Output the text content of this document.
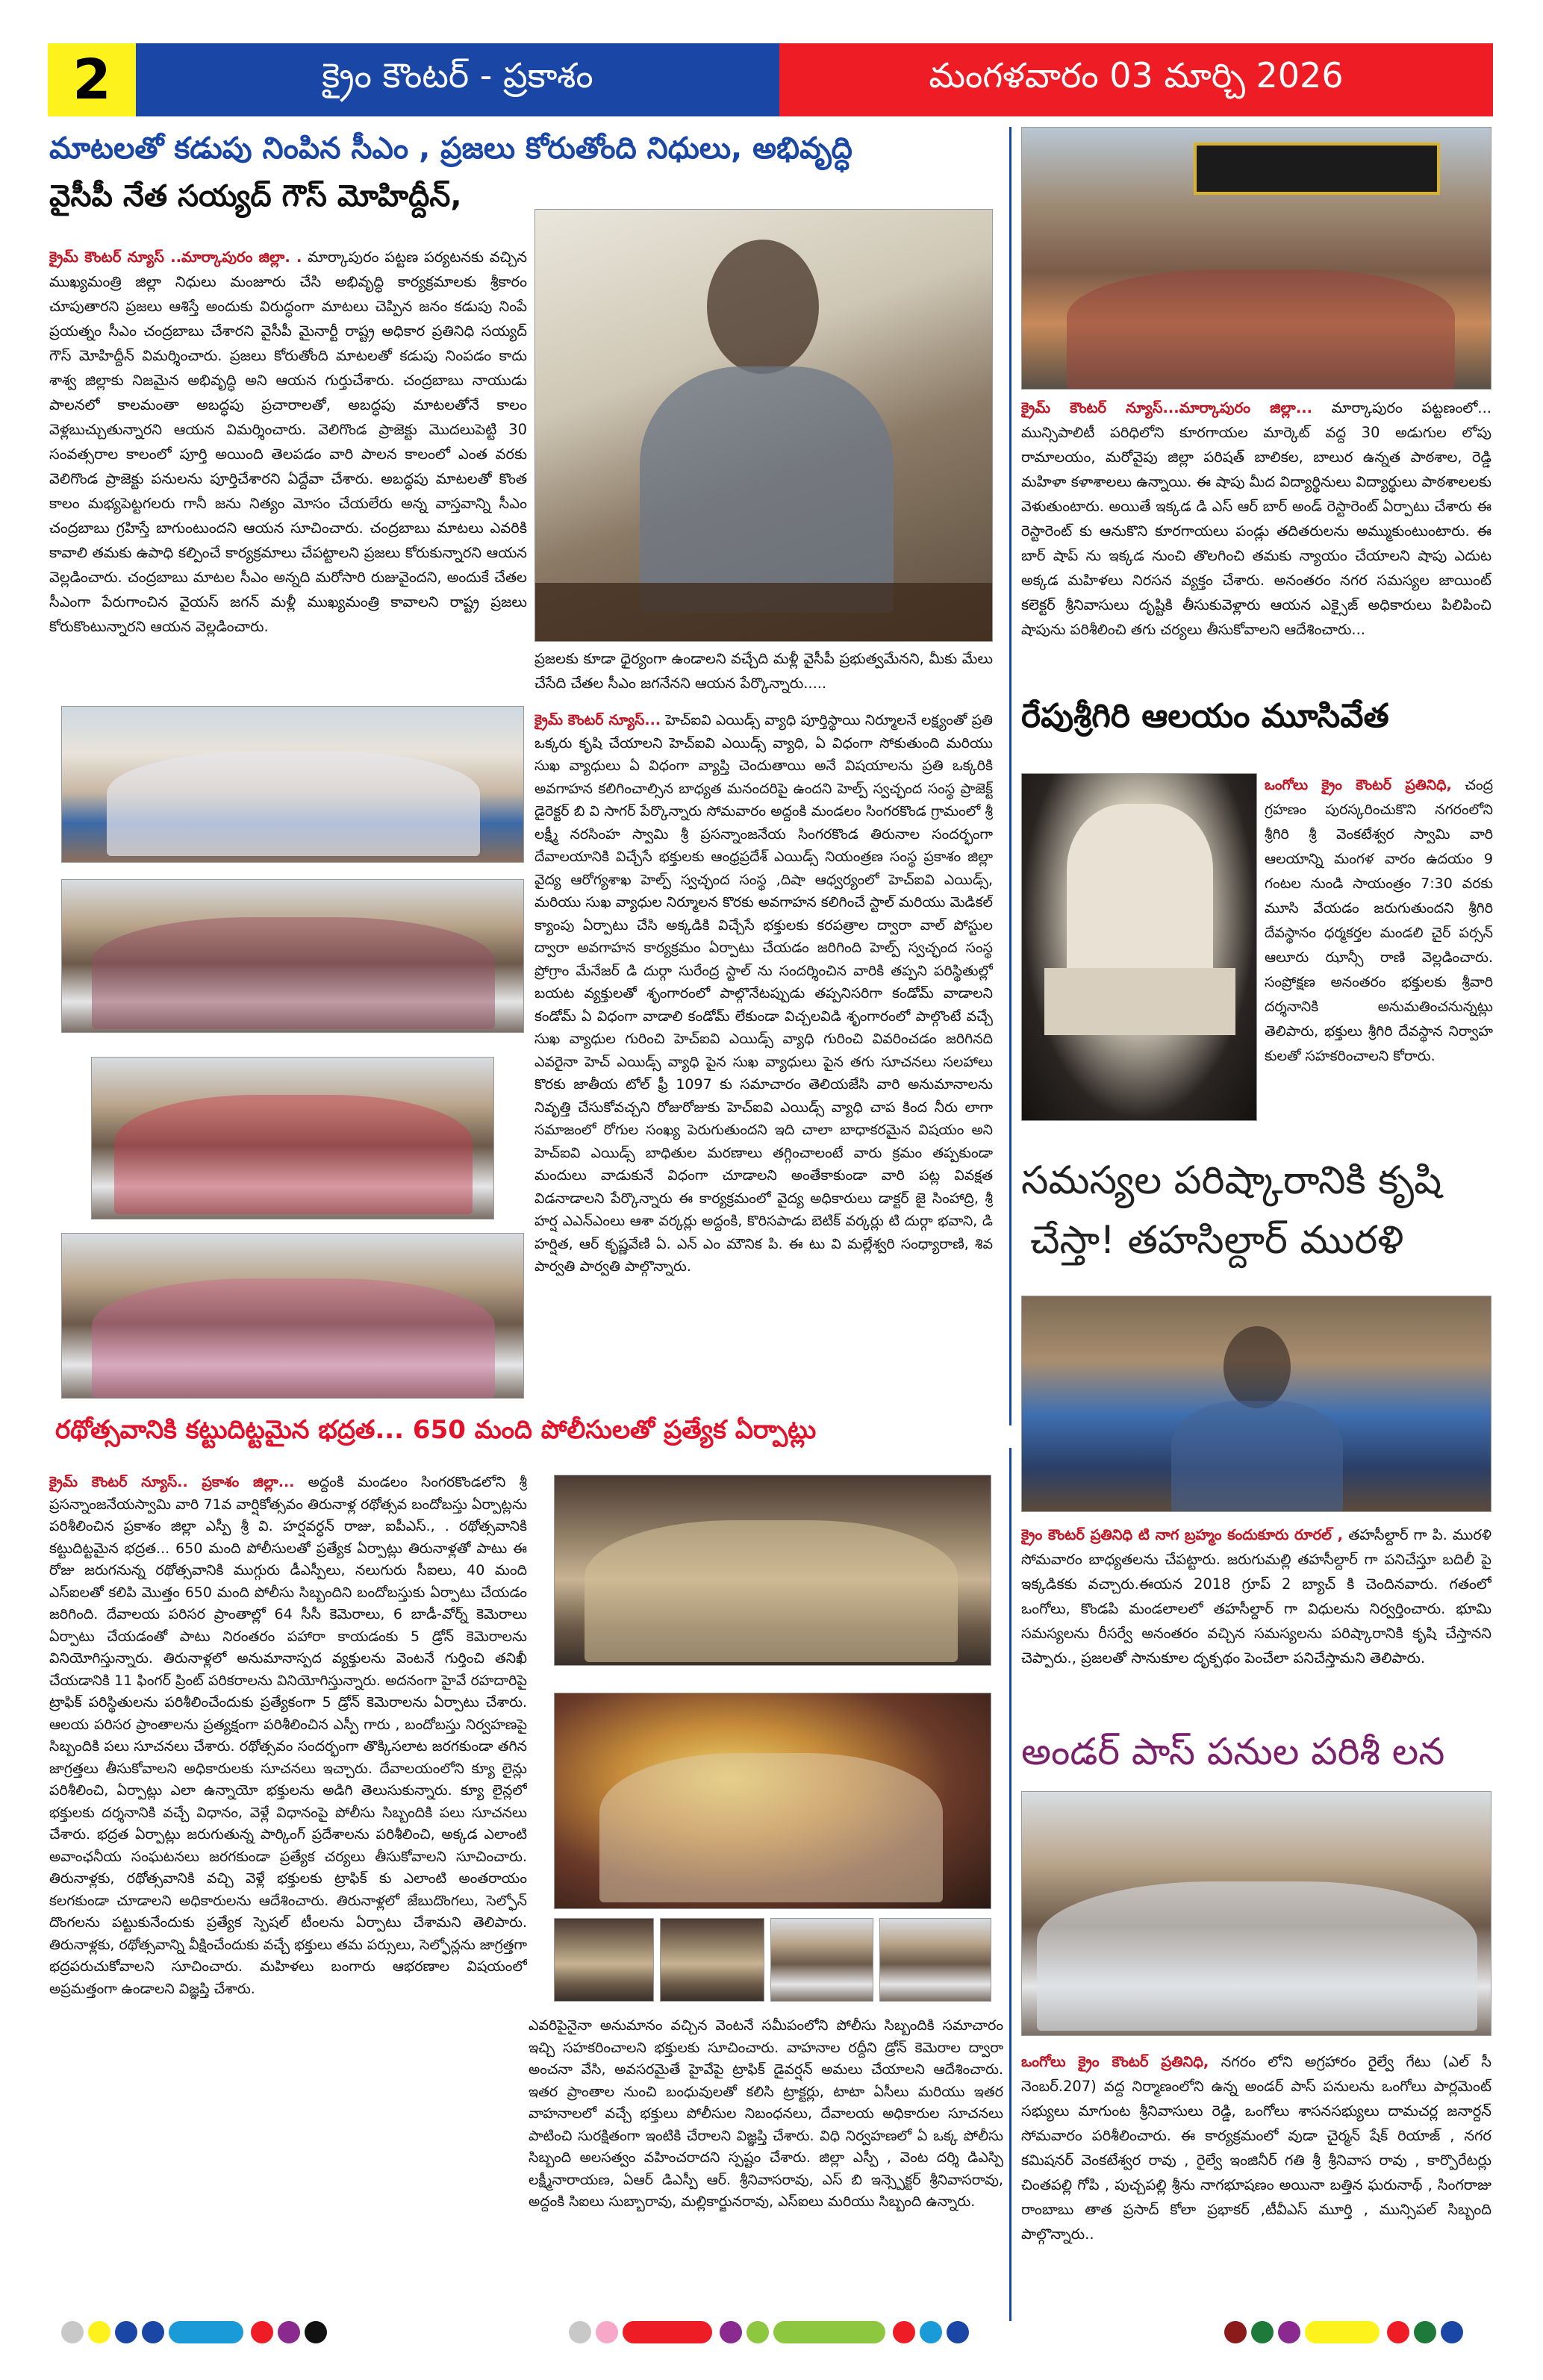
2	క్రైం కౌంటర్ - ప్రకాశం	మంగళవారం 03 మార్చి 2026
మాటలతో కడుపు నింపిన సీఎం , ప్రజలు కోరుతోంది నిధులు, అభివృద్ధి
వైసీపీ నేత సయ్యద్ గౌస్ మోహిద్దీన్,
క్రైమ్ కౌంటర్ న్యూస్ ..మార్కాపురం జిల్లా. . మార్కాపురం పట్టణ పర్యటనకు వచ్చిన ముఖ్యమంత్రి జిల్లా నిధులు మంజూరు చేసి అభివృద్ధి కార్యక్రమాలకు శ్రీకారం చూపుతారని ప్రజలు ఆశిస్తే అందుకు విరుద్ధంగా మాటలు చెప్పిన జనం కడుపు నింపే ప్రయత్నం సీఎం చంద్రబాబు చేశారని వైసీపీ మైనార్టీ రాష్ట్ర అధికార ప్రతినిధి సయ్యద్ గౌస్ మోహిద్దీన్ విమర్శించారు. ప్రజలు కోరుతోంది మాటలతో కడుపు నింపడం కాదు శాశ్వ జిల్లాకు నిజమైన అభివృద్ధి అని ఆయన గుర్తుచేశారు. చంద్రబాబు నాయుడు పాలనలో కాలమంతా అబద్ధపు ప్రచారాలతో, అబద్ధపు మాటలతోనే కాలం వెళ్లబుచ్చుతున్నారని ఆయన విమర్శించారు. వెలిగొండ ప్రాజెక్టు మొదలుపెట్టి 30 సంవత్సరాల కాలంలో పూర్తి అయింది తెలపడం వారి పాలన కాలంలో ఎంత వరకు వెలిగొండ ప్రాజెక్టు పనులను పూర్తిచేశారని ఏద్దేవా చేశారు. అబద్ధపు మాటలతో కొంత కాలం మభ్యపెట్టగలరు గానీ జను నిత్యం మోసం చేయలేరు అన్న వాస్తవాన్ని సీఎం చంద్రబాబు గ్రహిస్తే బాగుంటుందని ఆయన సూచించారు. చంద్రబాబు మాటలు ఎవరికి కావాలి తమకు ఉపాధి కల్పించే కార్యక్రమాలు చేపట్టాలని ప్రజలు కోరుకున్నారని ఆయన వెల్లడించారు. చంద్రబాబు మాటల సీఎం అన్నది మరోసారి రుజువైందని, అందుకే చేతల సీఎంగా పేరుగాంచిన వైయస్ జగన్ మళ్లీ ముఖ్యమంత్రి కావాలని రాష్ట్ర ప్రజలు కోరుకొంటున్నారని ఆయన వెల్లడించారు.
ప్రజలకు కూడా ధైర్యంగా ఉండాలని వచ్చేది మళ్లీ వైసీపీ ప్రభుత్వమేనని, మీకు మేలు చేసేది చేతల సీఎం జగనేనని ఆయన పేర్కొన్నారు.....
క్రైమ్ కౌంటర్ న్యూస్...మార్కాపురం జిల్లా... మార్కాపురం పట్టణంలో... మున్సిపాలిటీ పరిధిలోని కూరగాయల మార్కెట్ వద్ద 30 అడుగుల లోపు రామాలయం, మరోవైపు జిల్లా పరిషత్ బాలికల, బాలుర ఉన్నత పాఠశాల, రెడ్డి మహిళా కళాశాలలు ఉన్నాయి. ఈ షాపు మీద విద్యార్థినులు విద్యార్థులు పాఠశాలలకు వెళుతుంటారు. అయితే ఇక్కడ డి ఎస్ ఆర్ బార్ అండ్ రెస్టారెంట్ ఏర్పాటు చేశారు ఈ రెస్టారెంట్ కు ఆనుకొని కూరగాయలు పండ్లు తదితరులను అమ్ముకుంటుంటారు. ఈ బార్ షాప్ ను ఇక్కడ నుంచి తొలగించి తమకు న్యాయం చేయాలని షాపు ఎదుట అక్కడ మహిళలు నిరసన వ్యక్తం చేశారు. అనంతరం నగర సమస్యల జాయింట్ కలెక్టర్ శ్రీనివాసులు దృష్టికి తీసుకువెళ్లారు ఆయన ఎక్సైజ్ అధికారులు పిలిపించి షాపును పరిశీలించి తగు చర్యలు తీసుకోవాలని ఆదేశించారు...
రేపుశ్రీగిరి ఆలయం మూసివేత
ఒంగోలు క్రైం కౌంటర్ ప్రతినిధి, చంద్ర గ్రహణం పురస్కరించుకొని నగరంలోని శ్రీగిరి శ్రీ వెంకటేశ్వర స్వామి వారి ఆలయాన్ని మంగళ వారం ఉదయం 9 గంటల నుండి సాయంత్రం 7:30 వరకు మూసి వేయడం జరుగుతుందని శ్రీగిరి దేవస్థానం ధర్మకర్తల మండలి చైర్ పర్సన్ ఆలూరు ఝాన్సీ రాణి వెల్లడించారు. సంప్రోక్షణ అనంతరం భక్తులకు శ్రీవారి దర్శనానికి అనుమతించనున్నట్లు తెలిపారు, భక్తులు శ్రీగిరి దేవస్థాన నిర్వాహ కులతో సహకరించాలని కోరారు.
క్రైమ్ కౌంటర్ న్యూస్... హెచ్ఐవి ఎయిడ్స్ వ్యాధి పూర్తిస్థాయి నిర్మూలనే లక్ష్యంతో ప్రతి ఒక్కరు కృషి చేయాలని హెచ్ఐవి ఎయిడ్స్ వ్యాధి, ఏ విధంగా సోకుతుంది మరియు సుఖ వ్యాధులు ఏ విధంగా వ్యాప్తి చెందుతాయి అనే విషయాలను ప్రతి ఒక్కరికి అవగాహన కలిగించాల్సిన బాధ్యత మనందరిపై ఉందని హెల్ప్ స్వచ్ఛంద సంస్థ ప్రాజెక్ట్ డైరెక్టర్ బి వి సాగర్ పేర్కొన్నారు సోమవారం అద్దంకి మండలం సింగరకొండ గ్రామంలో శ్రీ లక్ష్మీ నరసింహ స్వామి శ్రీ ప్రసన్నాంజనేయ సింగరకొండ తిరునాల సందర్భంగా దేవాలయానికి విచ్చేసే భక్తులకు ఆంధ్రప్రదేశ్ ఎయిడ్స్ నియంత్రణ సంస్థ ప్రకాశం జిల్లా వైద్య ఆరోగ్యశాఖ హెల్ప్ స్వచ్ఛంద సంస్థ ,దిషా ఆధ్వర్యంలో హెచ్ఐవి ఎయిడ్స్, మరియు సుఖ వ్యాధుల నిర్మూలన కొరకు అవగాహన కలిగించే స్టాల్ మరియు మెడికల్ క్యాంపు ఏర్పాటు చేసి అక్కడికి విచ్చేసే భక్తులకు కరపత్రాల ద్వారా వాల్ పోస్టుల ద్వారా అవగాహన కార్యక్రమం ఏర్పాటు చేయడం జరిగింది హెల్ప్ స్వచ్ఛంద సంస్థ ప్రోగ్రాం మేనేజర్ డి దుర్గా సురేంద్ర స్టాల్ ను సందర్శించిన వారికి తప్పని పరిస్థితుల్లో బయట వ్యక్తులతో శృంగారంలో పాల్గొనేటప్పుడు తప్పనిసరిగా కండోమ్ వాడాలని కండోమ్ ఏ విధంగా వాడాలి కండోమ్ లేకుండా విచ్చలవిడి శృంగారంలో పాల్గొంటే వచ్చే సుఖ వ్యాధుల గురించి హెచ్ఐవి ఎయిడ్స్ వ్యాధి గురించి వివరించడం జరిగినది ఎవరైనా హెచ్ ఎయిడ్స్ వ్యాధి పైన సుఖ వ్యాధులు పైన తగు సూచనలు సలహాలు కొరకు జాతీయ టోల్ ఫ్రీ 1097 కు సమాచారం తెలియజేసి వారి అనుమానాలను నివృత్తి చేసుకోవచ్చని రోజురోజుకు హెచ్ఐవి ఎయిడ్స్ వ్యాధి చాప కింద నీరు లాగా సమాజంలో రోగుల సంఖ్య పెరుగుతుందని ఇది చాలా బాధాకరమైన విషయం అని హెచ్ఐవి ఎయిడ్స్ బాధితుల మరణాలు తగ్గించాలంటే వారు క్రమం తప్పకుండా మందులు వాడుకునే విధంగా చూడాలని అంతేకాకుండా వారి పట్ల వివక్షత విడనాడాలని పేర్కొన్నారు ఈ కార్యక్రమంలో వైద్య అధికారులు డాక్టర్ జై సింహాద్రి, శ్రీ హర్ష ఎఎన్ఎంలు ఆశా వర్కర్లు అద్దంకి, కొరిసపాడు బెటిక్ వర్కర్లు టి దుర్గా భవాని, డి హర్షిత, ఆర్ కృష్ణవేణి ఏ. ఎన్ ఎం మౌనిక పి. ఈ టు వి మల్లేశ్వరి సంధ్యారాణి, శివ పార్వతి పార్వతి పాల్గొన్నారు.
సమస్యల పరిష్కారానికి కృషి
చేస్తా! తహసిల్దార్ మురళి
క్రైం కౌంటర్ ప్రతినిధి టి నాగ బ్రహ్మం కందుకూరు రూరల్ , తహసీల్దార్ గా పి. మురళి సోమవారం బాధ్యతలను చేపట్టారు. జరుగుమల్లి తహసీల్దార్ గా పనిచేస్తూ బదిలీ పై ఇక్కడికకు వచ్చారు.ఈయన 2018 గ్రూప్ 2 బ్యాచ్ కి చెందినవారు. గతంలో ఒంగోలు, కొండపి మండలాలలో తహసీల్దార్ గా విధులను నిర్వర్తించారు. భూమి సమస్యలను రీసర్వే అనంతరం వచ్చిన సమస్యలను పరిష్కారానికి కృషి చేస్తానని చెప్పారు., ప్రజలతో సానుకూల దృక్పథం పెంచేలా పనిచేస్తామని తెలిపారు.
అండర్ పాస్ పనుల పరిశీ లన
ఒంగోలు క్రైం కౌంటర్ ప్రతినిధి, నగరం లోని అగ్రహారం రైల్వే గేటు (ఎల్ సీ నెంబర్.207) వద్ద నిర్మాణంలోని ఉన్న అండర్ పాస్ పనులను ఒంగోలు పార్లమెంట్ సభ్యులు మాగుంట శ్రీనివాసులు రెడ్డి, ఒంగోలు శాసనసభ్యులు దామచర్ల జనార్దన్ సోమవారం పరిశీలించారు. ఈ కార్యక్రమంలో వుడా చైర్మన్ షేక్ రియాజ్ , నగర కమిషనర్ వెంకటేశ్వర రావు , రైల్వే ఇంజినీర్ గతి శ్రీ శ్రీనివాస రావు , కార్పొరేటర్లు చింతపల్లి గోపి , పుచ్చపల్లి శ్రీను నాగభూషణం అయినా బత్తిన ఘరునాథ్ , సింగరాజు రాంబాబు తాత ప్రసాద్ కోలా ప్రభాకర్ ,టీవీఎస్ మూర్తి , మున్సిపల్ సిబ్బంది పాల్గొన్నారు..
రథోత్సవానికి కట్టుదిట్టమైన భద్రత... 650 మంది పోలీసులతో ప్రత్యేక ఏర్పాట్లు
క్రైమ్ కౌంటర్ న్యూస్.. ప్రకాశం జిల్లా... అద్దంకి మండలం సింగరకొండలోని శ్రీ ప్రసన్నాంజనేయస్వామి వారి 71వ వార్షికోత్సవం తిరునాళ్ల రథోత్సవ బందోబస్తు ఏర్పాట్లను పరిశీలించిన ప్రకాశం జిల్లా ఎస్పీ శ్రీ వి. హర్షవర్ధన్ రాజు, ఐపీఎస్., . రథోత్సవానికి కట్టుదిట్టమైన భద్రత... 650 మంది పోలీసులతో ప్రత్యేక ఏర్పాట్లు తిరునాళ్లతో పాటు ఈ రోజు జరుగనున్న రథోత్సవానికి ముగ్గురు డీఎస్పీలు, నలుగురు సీఐలు, 40 మంది ఎస్ఐలతో కలిపి మొత్తం 650 మంది పోలీసు సిబ్బందిని బందోబస్తుకు ఏర్పాటు చేయడం జరిగింది. దేవాలయ పరిసర ప్రాంతాల్లో 64 సీసీ కెమెరాలు, 6 బాడీ-వోర్న్ కెమెరాలు ఏర్పాటు చేయడంతో పాటు నిరంతరం పహారా కాయడంకు 5 డ్రోన్ కెమెరాలను వినియోగిస్తున్నారు. తిరునాళ్లలో అనుమానాస్పద వ్యక్తులను వెంటనే గుర్తించి తనిఖీ చేయడానికి 11 ఫింగర్ ప్రింట్ పరికరాలను వినియోగిస్తున్నారు. అదనంగా హైవే రహదారిపై ట్రాఫిక్ పరిస్థితులను పరిశీలించేందుకు ప్రత్యేకంగా 5 డ్రోన్ కెమెరాలను ఏర్పాటు చేశారు. ఆలయ పరిసర ప్రాంతాలను ప్రత్యక్షంగా పరిశీలించిన ఎస్పీ గారు , బందోబస్తు నిర్వహణపై సిబ్బందికి పలు సూచనలు చేశారు. రథోత్సవం సందర్భంగా తొక్కిసలాట జరగకుండా తగిన జాగ్రత్తలు తీసుకోవాలని అధికారులకు సూచనలు ఇచ్చారు. దేవాలయంలోని క్యూ లైన్లు పరిశీలించి, ఏర్పాట్లు ఎలా ఉన్నాయో భక్తులను అడిగి తెలుసుకున్నారు. క్యూ లైన్లలో భక్తులకు దర్శనానికి వచ్చే విధానం, వెళ్లే విధానంపై పోలీసు సిబ్బందికి పలు సూచనలు చేశారు. భద్రత ఏర్పాట్లు జరుగుతున్న పార్కింగ్ ప్రదేశాలను పరిశీలించి, అక్కడ ఎలాంటి అవాంఛనీయ సంఘటనలు జరగకుండా ప్రత్యేక చర్యలు తీసుకోవాలని సూచించారు. తిరునాళ్లకు, రథోత్సవానికి వచ్చి వెళ్లే భక్తులకు ట్రాఫిక్ కు ఎలాంటి అంతరాయం కలగకుండా చూడాలని అధికారులను ఆదేశించారు. తిరునాళ్లలో జేబుదొంగలు, సెల్ఫోన్ దొంగలను పట్టుకునేందుకు ప్రత్యేక స్పెషల్ టీంలను ఏర్పాటు చేశామని తెలిపారు. తిరునాళ్లకు, రథోత్సవాన్ని వీక్షించేందుకు వచ్చే భక్తులు తమ పర్సులు, సెల్ఫోన్లను జాగ్రత్తగా భద్రపరుచుకోవాలని సూచించారు. మహిళలు బంగారు ఆభరణాల విషయంలో అప్రమత్తంగా ఉండాలని విజ్ఞప్తి చేశారు.
ఎవరిపైనైనా అనుమానం వచ్చిన వెంటనే సమీపంలోని పోలీసు సిబ్బందికి సమాచారం ఇచ్చి సహకరించాలని భక్తులకు సూచించారు. వాహనాల రద్దీని డ్రోన్ కెమెరాల ద్వారా అంచనా వేసి, అవసరమైతే హైవేపై ట్రాఫిక్ డైవర్షన్ అమలు చేయాలని ఆదేశించారు. ఇతర ప్రాంతాల నుంచి బంధువులతో కలిసి ట్రాక్టర్లు, టాటా ఏసీలు మరియు ఇతర వాహనాలలో వచ్చే భక్తులు పోలీసుల నిబంధనలు, దేవాలయ అధికారుల సూచనలు పాటించి సురక్షితంగా ఇంటికి చేరాలని విజ్ఞప్తి చేశారు. విధి నిర్వహణలో ఏ ఒక్క పోలీసు సిబ్బంది అలసత్వం వహించరాదని స్పష్టం చేశారు. జిల్లా ఎస్పీ , వెంట దర్శి డిఎస్పి లక్ష్మీనారాయణ, ఏఆర్ డిఎస్పీ ఆర్. శ్రీనివాసరావు, ఎస్ బి ఇన్స్పెక్టర్ శ్రీనివాసరావు, అద్దంకి సిఐలు సుబ్బారావు, మల్లికార్జునరావు, ఎస్ఐలు మరియు సిబ్బంది ఉన్నారు.
